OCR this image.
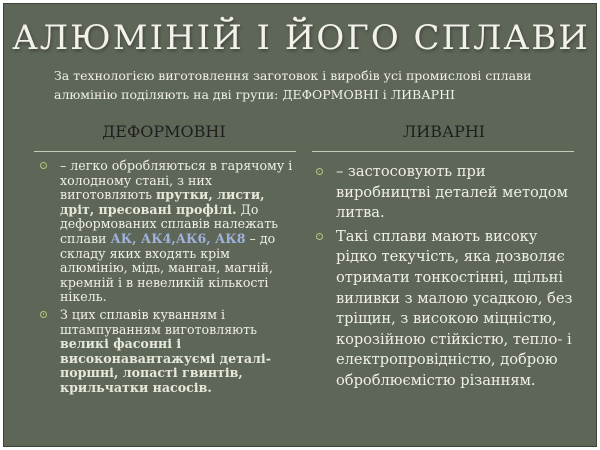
АЛЮМІНІЙ І ЙОГО СПЛАВИ
За технологією виготовлення заготовок і виробів усі промислові сплави алюмінію поділяють на дві групи: ДЕФОРМОВНІ і ЛИВАРНІ
ДЕФОРМОВНІ	ЛИВАРНІ
– легко обробляються в гарячому і холодному стані, з них виготовляють прутки, листи, дріт, пресовані профілі. До деформованих сплавів належать сплави АК, АК4,АК6, АК8 – до складу яких входять крім алюмінію, мідь, манган, магній, кремній і в невеликій кількості нікель.
З цих сплавів куванням і штампуванням виготовляють великі фасонні і високонавантажуємі деталі- поршні, лопасті гвинтів, крильчатки насосів.
– застосовують при виробництві деталей методом литва.
Такі сплави мають високу рідко текучість, яка дозволяє отримати тонкостінні, щільні виливки з малою усадкою, без тріщин, з високою міцністю, корозійною стійкістю, тепло- і електропровідністю, доброю оброблюємістю різанням.
